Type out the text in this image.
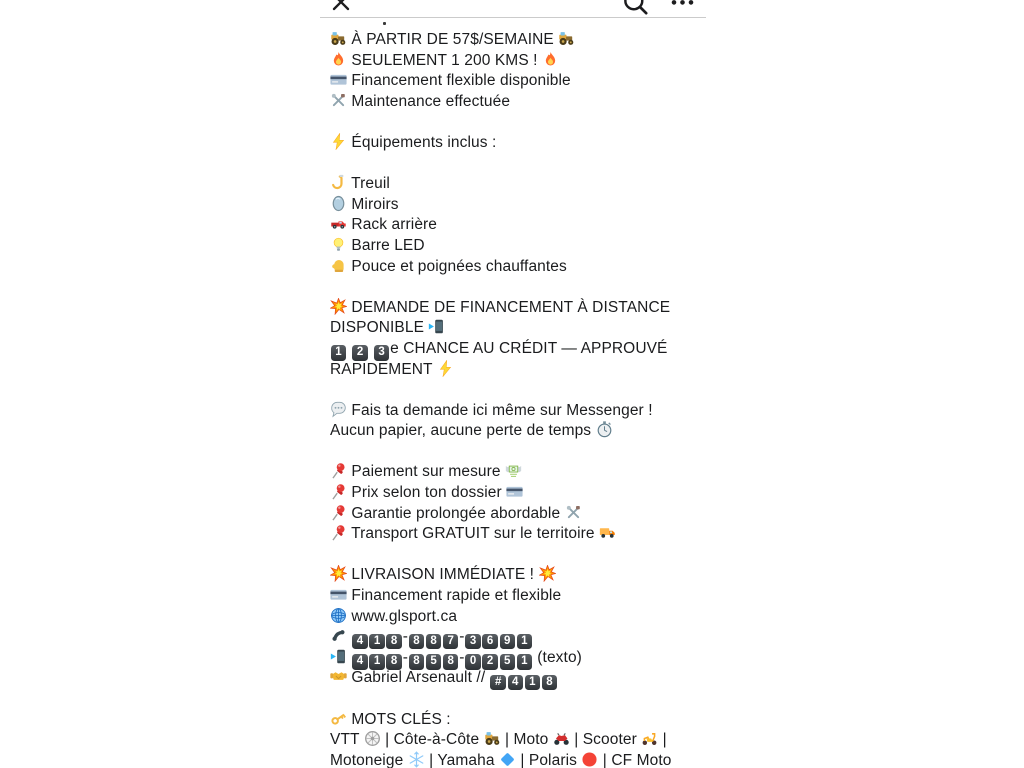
À PARTIR DE 57$/SEMAINE
SEULEMENT 1 200 KMS !
Financement flexible disponible
Maintenance effectuée
Équipements inclus :
Treuil
Miroirs
Rack arrière
Barre LED
Pouce et poignées chauffantes
DEMANDE DE FINANCEMENT À DISTANCE
DISPONIBLE
1 2 3 e CHANCE AU CRÉDIT — APPROUVÉ
RAPIDEMENT
Fais ta demande ici même sur Messenger !
Aucun papier, aucune perte de temps
Paiement sur mesure
Prix selon ton dossier
Garantie prolongée abordable
Transport GRATUIT sur le territoire
LIVRAISON IMMÉDIATE !
Financement rapide et flexible
www.glsport.ca
4 1 8 - 8 8 7 - 3 6 9 1
4 1 8 - 8 5 8 - 0 2 5 1 (texto)
Gabriel Arsenault // # 4 1 8
MOTS CLÉS :
VTT
| Côte-à-Côte
| Moto
| Scooter
|
Motoneige
| Yamaha
| Polaris
| CF Moto
